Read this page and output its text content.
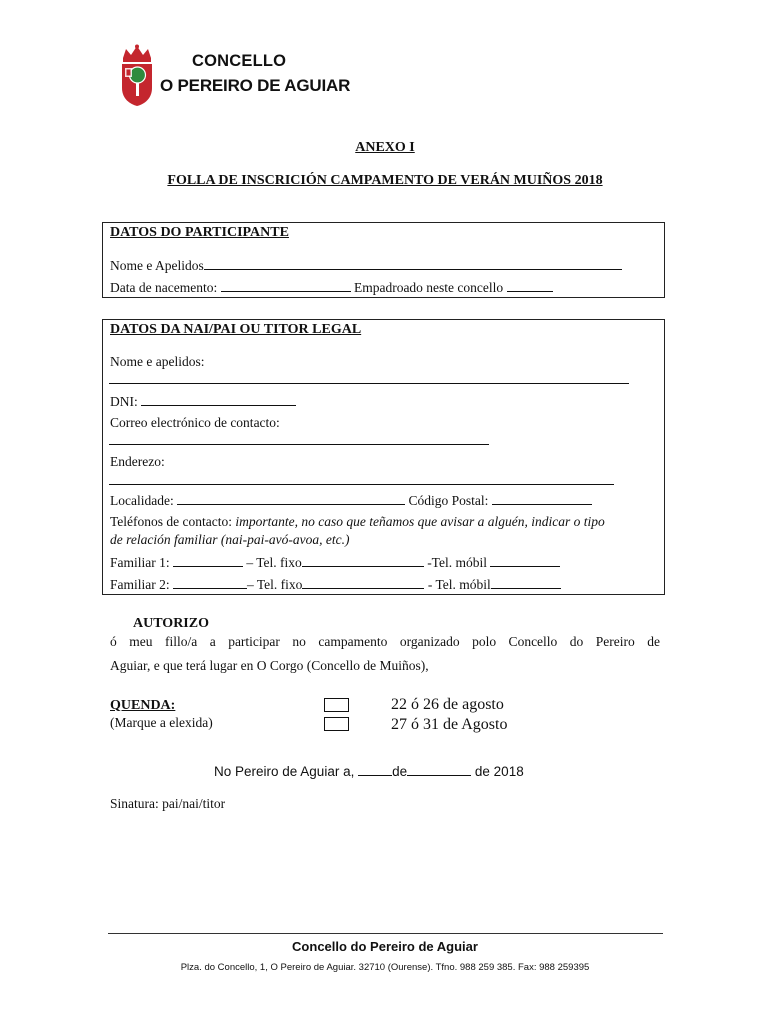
CONCELLO
O PEREIRO DE AGUIAR
ANEXO I
FOLLA DE INSCRICIÓN CAMPAMENTO DE VERÁN MUIÑOS 2018
DATOS DO PARTICIPANTE
Nome e Apelidos
Data de nacemento:	Empadroado neste concello
DATOS DA NAI/PAI OU TITOR LEGAL
Nome e apelidos:
DNI:
Correo electrónico de contacto:
Enderezo:
Localidade:	Código Postal:
Teléfonos de contacto: importante, no caso que teñamos que avisar a alguén, indicar o tipo
de relación familiar (nai-pai-avó-avoa, etc.)
Familiar 1:	– Tel. fixo	-Tel. móbil
Familiar 2:	– Tel. fixo	- Tel. móbil
AUTORIZO
ó meu fillo/a a participar no campamento organizado polo Concello do Pereiro de
Aguiar, e que terá lugar en O Corgo (Concello de Muiños),
QUENDA:
(Marque a elexida)
22 ó 26 de agosto
27 ó 31 de Agosto
No Pereiro de Aguiar a,	de	de 2018
Sinatura: pai/nai/titor
Concello do Pereiro de Aguiar
Plza. do Concello, 1, O Pereiro de Aguiar. 32710 (Ourense). Tfno. 988 259 385. Fax: 988 259395
